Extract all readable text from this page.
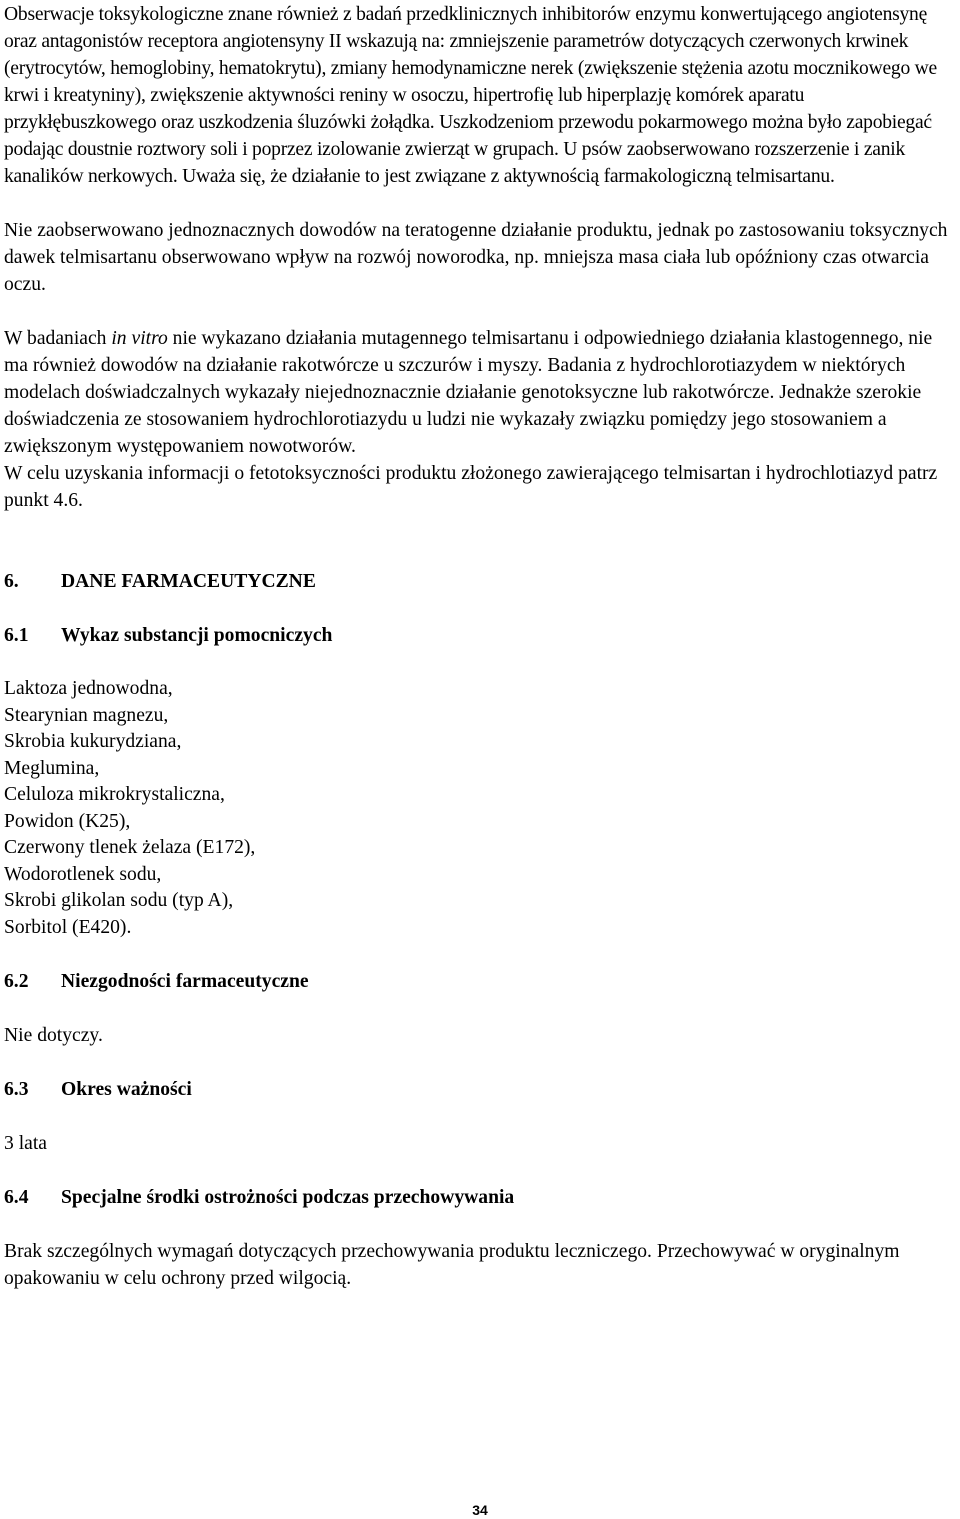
Obserwacje toksykologiczne znane również z badań przedklinicznych inhibitorów enzymu konwertującego angiotensynę oraz antagonistów receptora angiotensyny II wskazują na: zmniejszenie parametrów dotyczących czerwonych krwinek (erytrocytów, hemoglobiny, hematokrytu), zmiany hemodynamiczne nerek (zwiększenie stężenia azotu mocznikowego we krwi i kreatyniny), zwiększenie aktywności reniny w osoczu, hipertrofię lub hiperplazję komórek aparatu przykłębuszkowego oraz uszkodzenia śluzówki żołądka. Uszkodzeniom przewodu pokarmowego można było zapobiegać podając doustnie roztwory soli i poprzez izolowanie zwierząt w grupach. U psów zaobserwowano rozszerzenie i zanik kanalików nerkowych. Uważa się, że działanie to jest związane z aktywnością farmakologiczną telmisartanu.

Nie zaobserwowano jednoznacznych dowodów na teratogenne działanie produktu, jednak po zastosowaniu toksycznych dawek telmisartanu obserwowano wpływ na rozwój noworodka, np. mniejsza masa ciała lub opóźniony czas otwarcia oczu.

W badaniach in vitro nie wykazano działania mutagennego telmisartanu i odpowiedniego działania klastogennego, nie ma również dowodów na działanie rakotwórcze u szczurów i myszy. Badania z hydrochlorotiazydem w niektórych modelach doświadczalnych wykazały niejednoznacznie działanie genotoksyczne lub rakotwórcze. Jednakże szerokie doświadczenia ze stosowaniem hydrochlorotiazydu u ludzi nie wykazały związku pomiędzy jego stosowaniem a zwiększonym występowaniem nowotworów.

W celu uzyskania informacji o fetotoksyczności produktu złożonego zawierającego telmisartan i hydrochlotiazyd patrz punkt 4.6.

6.	DANE FARMACEUTYCZNE
6.1	Wykaz substancji pomocniczych

Laktoza jednowodna,

Stearynian magnezu,

Skrobia kukurydziana,

Meglumina,

Celuloza mikrokrystaliczna,

Powidon (K25),

Czerwony tlenek żelaza (E172),

Wodorotlenek sodu,

Skrobi glikolan sodu (typ A),

Sorbitol (E420).

6.2	Niezgodności farmaceutyczne

Nie dotyczy.

6.3	Okres ważności

3 lata

6.4	Specjalne środki ostrożności podczas przechowywania

Brak szczególnych wymagań dotyczących przechowywania produktu leczniczego. Przechowywać w oryginalnym opakowaniu w celu ochrony przed wilgocią.

34
